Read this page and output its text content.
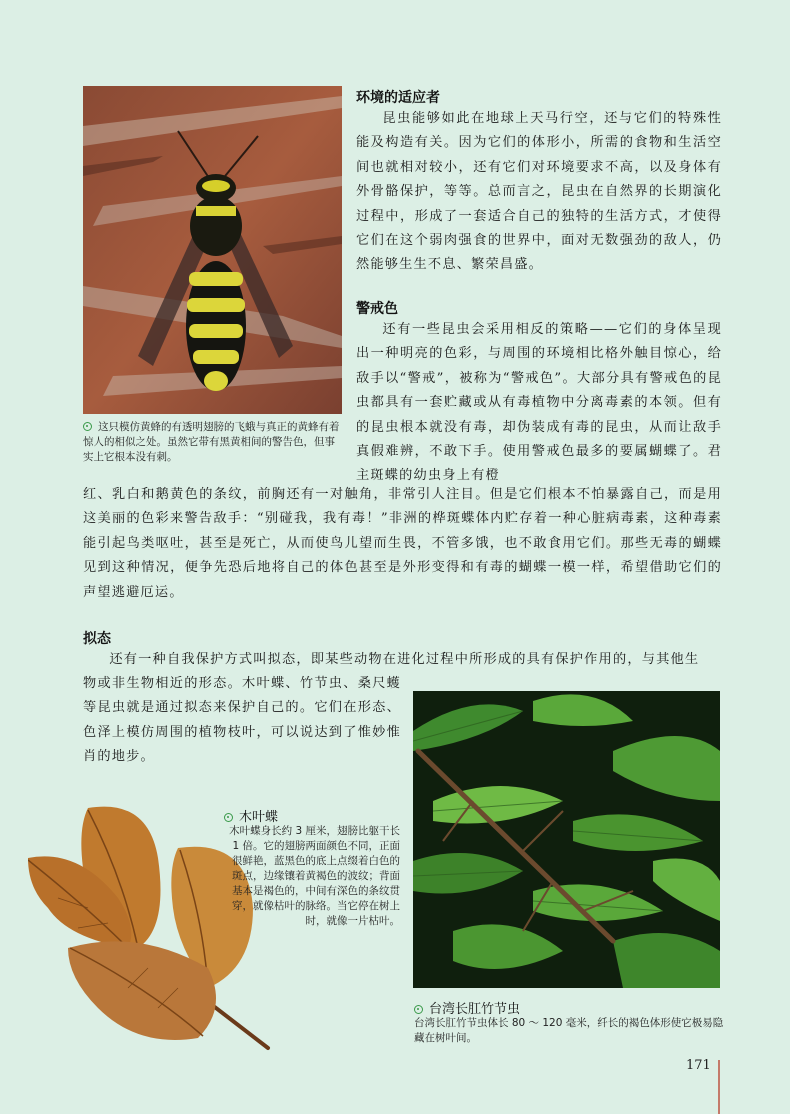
这只模仿黄蜂的有透明翅膀的飞蛾与真正的黄蜂有着惊人的相似之处。虽然它带有黑黄相间的警告色，但事实上它根本没有刺。
环境的适应者

昆虫能够如此在地球上天马行空，还与它们的特殊性能及构造有关。因为它们的体形小，所需的食物和生活空间也就相对较小，还有它们对环境要求不高，以及身体有外骨骼保护，等等。总而言之，昆虫在自然界的长期演化过程中，形成了一套适合自己的独特的生活方式，才使得它们在这个弱肉强食的世界中，面对无数强劲的敌人，仍然能够生生不息、繁荣昌盛。

警戒色

还有一些昆虫会采用相反的策略——它们的身体呈现出一种明亮的色彩，与周围的环境相比格外触目惊心，给敌手以“警戒”，被称为“警戒色”。大部分具有警戒色的昆虫都具有一套贮藏或从有毒植物中分离毒素的本领。但有的昆虫根本就没有毒，却伪装成有毒的昆虫，从而让敌手真假难辨，不敢下手。使用警戒色最多的要属蝴蝶了。君主斑蝶的幼虫身上有橙

红、乳白和鹅黄色的条纹，前胸还有一对触角，非常引人注目。但是它们根本不怕暴露自己，而是用这美丽的色彩来警告敌手：“别碰我，我有毒！”非洲的桦斑蝶体内贮存着一种心脏病毒素，这种毒素能引起鸟类呕吐，甚至是死亡，从而使鸟儿望而生畏，不管多饿，也不敢食用它们。那些无毒的蝴蝶见到这种情况，便争先恐后地将自己的体色甚至是外形变得和有毒的蝴蝶一模一样，希望借助它们的声望逃避厄运。

拟态

还有一种自我保护方式叫拟态，即某些动物在进化过程中所形成的具有保护作用的，与其他生

物或非生物相近的形态。木叶蝶、竹节虫、桑尺蠖等昆虫就是通过拟态来保护自己的。它们在形态、色泽上模仿周围的植物枝叶，可以说达到了惟妙惟肖的地步。

木叶蝶
木叶蝶身长约 3 厘米，翅膀比躯干长 1 倍。它的翅膀两面颜色不同，正面很鲜艳，蓝黑色的底上点缀着白色的斑点，边缘镶着黄褐色的波纹；背面基本是褐色的，中间有深色的条纹贯穿，就像枯叶的脉络。当它停在树上时，就像一片枯叶。
台湾长肛竹节虫
台湾长肛竹节虫体长 80 ～ 120 毫米，纤长的褐色体形使它极易隐藏在树叶间。
171
